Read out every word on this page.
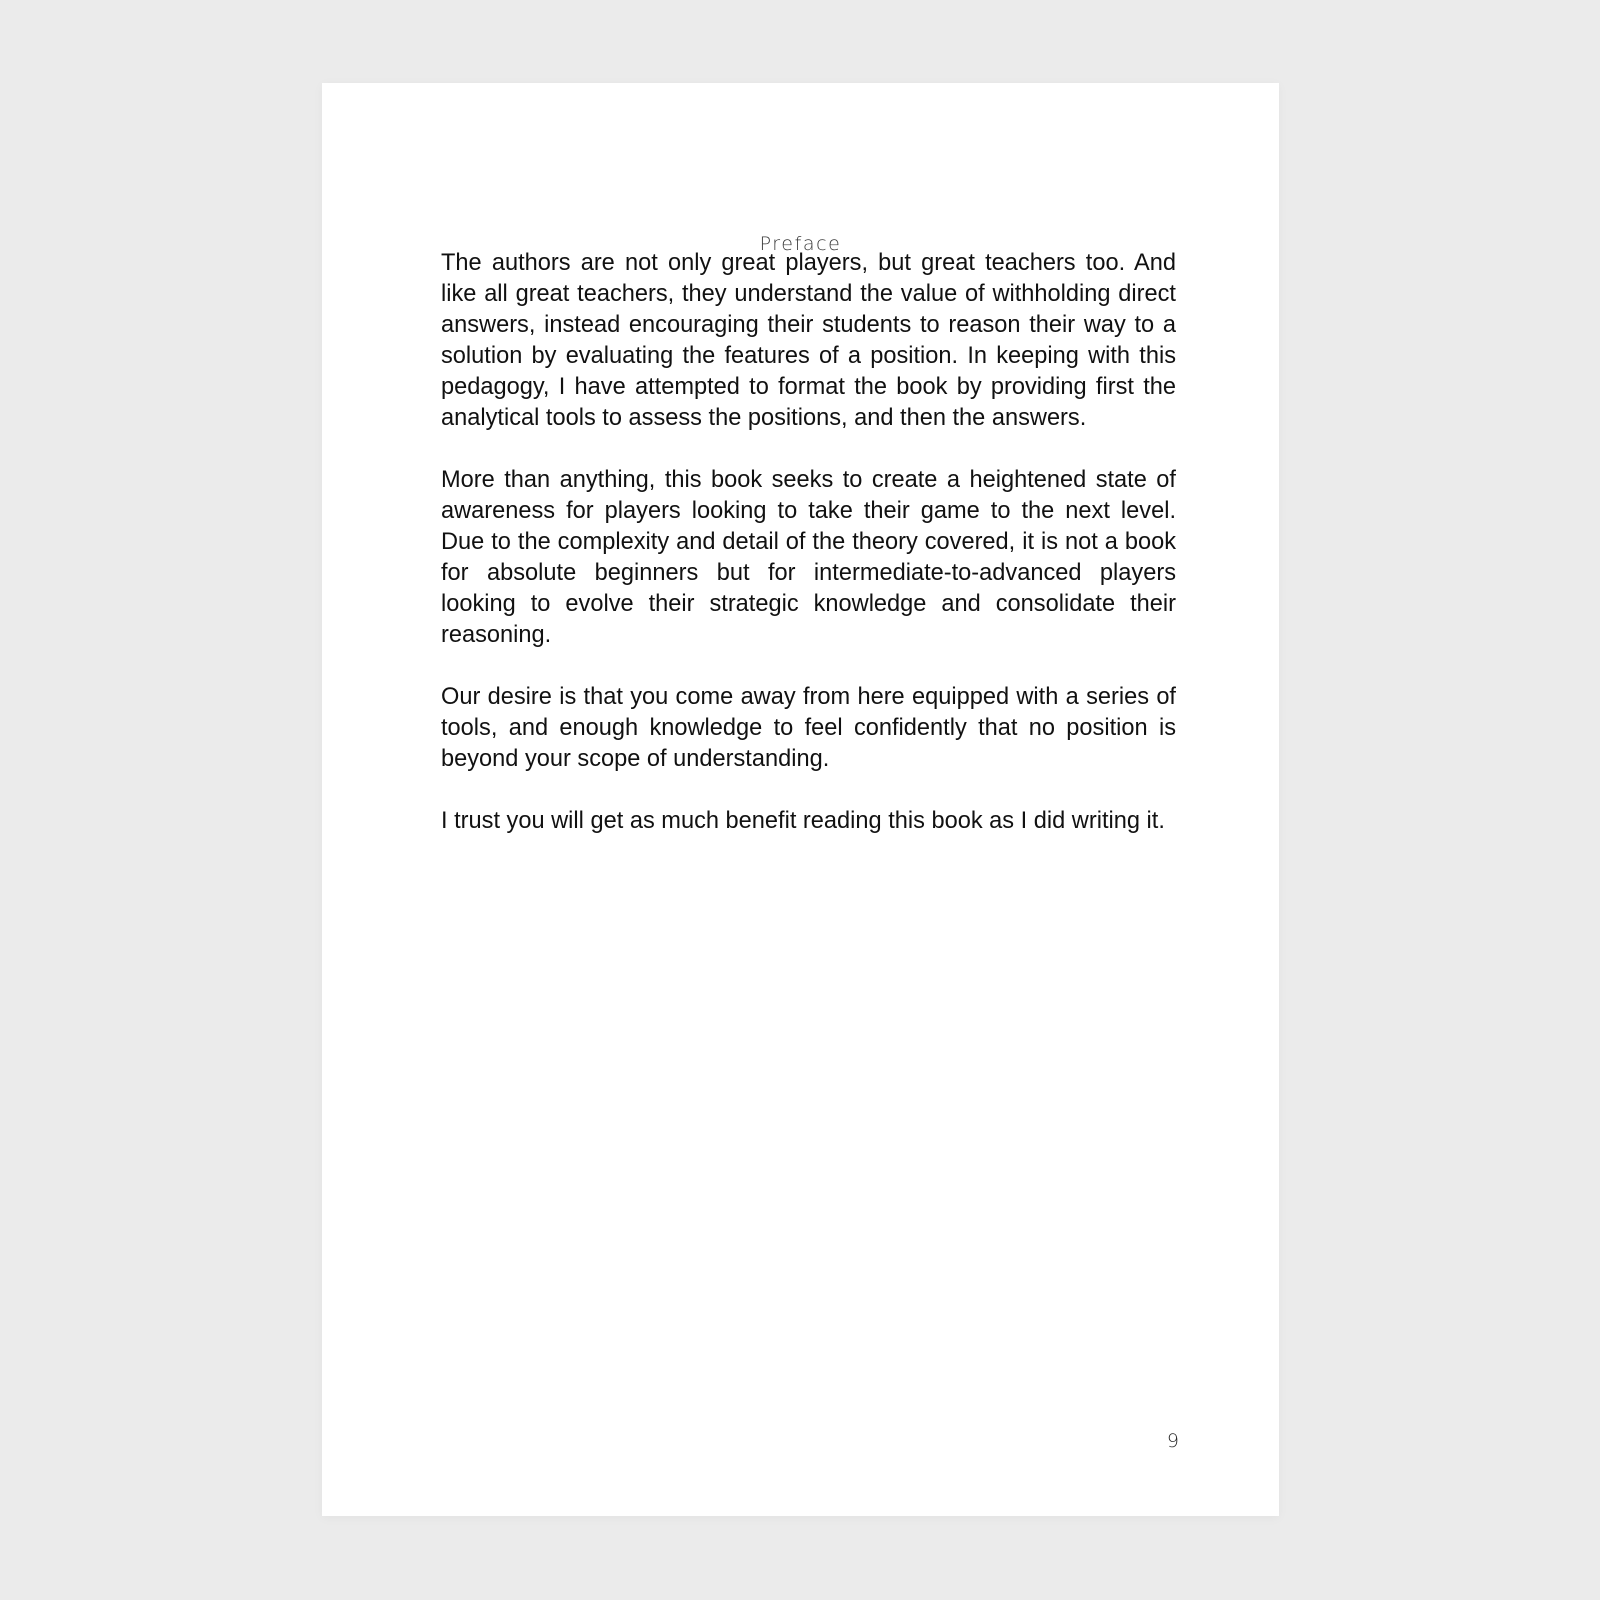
Preface

The authors are not only great players, but great teachers too. And like all great teachers, they understand the value of withholding direct answers, instead encouraging their students to reason their way to a solution by evaluating the features of a position. In keeping with this pedagogy, I have attempted to format the book by providing first the analytical tools to assess the positions, and then the answers.

More than anything, this book seeks to create a heightened state of awareness for players looking to take their game to the next level. Due to the complexity and detail of the theory covered, it is not a book for absolute beginners but for intermediate-to-advanced players looking to evolve their strategic knowledge and consolidate their reasoning.

Our desire is that you come away from here equipped with a series of tools, and enough knowledge to feel confidently that no position is beyond your scope of understanding.

I trust you will get as much benefit reading this book as I did writing it.

9
